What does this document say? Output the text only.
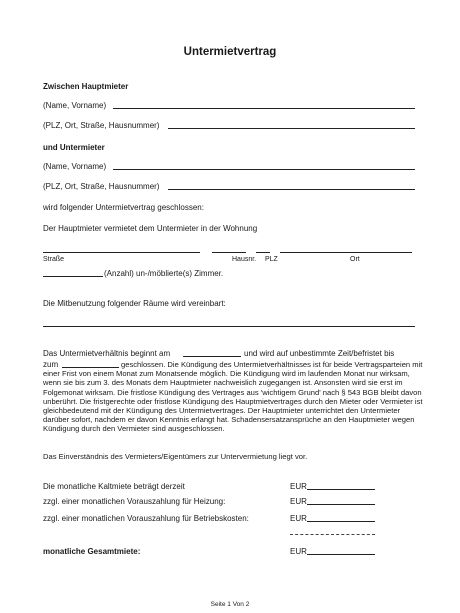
Untermietvertrag
Zwischen Hauptmieter
(Name, Vorname)
(PLZ, Ort, Straße, Hausnummer)
und Untermieter
(Name, Vorname)
(PLZ, Ort, Straße, Hausnummer)
wird folgender Untermietvertrag geschlossen:
Der Hauptmieter vermietet dem Untermieter in der Wohnung
Straße	Hausnr. PLZ	Ort
(Anzahl) un-/möblierte(s) Zimmer.
Die Mitbenutzung folgender Räume wird vereinbart:
Das Untermietverhältnis beginnt am	und wird auf unbestimmte Zeit/befristet bis
zum	geschlossen. Die Kündigung des Untermietverhältnisses ist für beide Vertragsparteien mit einer Frist von einem Monat zum Monatsende möglich. Die Kündigung wird im laufenden Monat nur wirksam, wenn sie bis zum 3. des Monats dem Hauptmieter nachweislich zugegangen ist. Ansonsten wird sie erst im Folgemonat wirksam. Die fristlose Kündigung des Vertrages aus 'wichtigem Grund' nach § 543 BGB bleibt davon unberührt. Die fristgerechte oder fristlose Kündigung des Hauptmietvertrages durch den Mieter oder Vermieter ist gleichbedeutend mit der Kündigung des Untermietvertrages. Der Hauptmieter unterrichtet den Untermieter darüber sofort, nachdem er davon Kenntnis erlangt hat. Schadensersatzansprüche an den Hauptmieter wegen Kündigung durch den Vermieter sind ausgeschlossen.
Das Einverständnis des Vermieters/Eigentümers zur Untervermietung liegt vor.
Die monatliche Kaltmiete beträgt derzeit	EUR
zzgl. einer monatlichen Vorauszahlung für Heizung:	EUR
zzgl. einer monatlichen Vorauszahlung für Betriebskosten:	EUR
monatliche Gesamtmiete:	EUR
Seite 1 Von 2
